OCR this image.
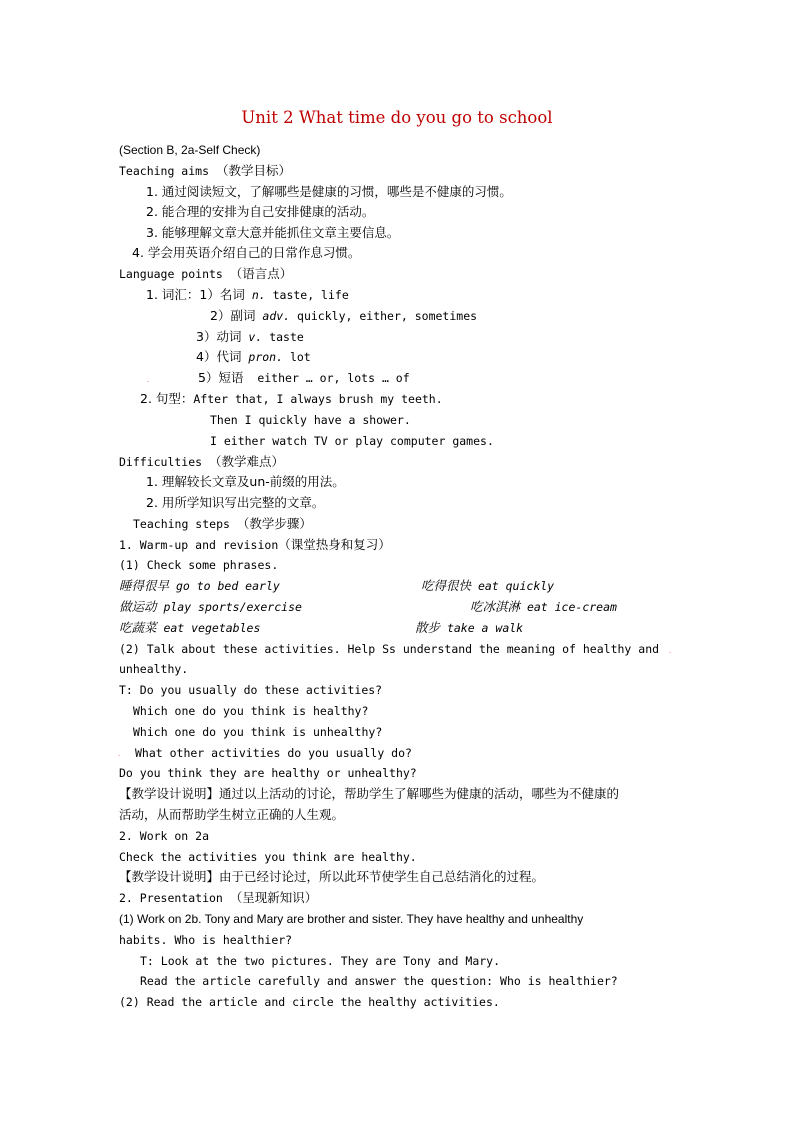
Unit 2 What time do you go to school
(Section B, 2a-Self Check)
Teaching aims （教学目标）
1. 通过阅读短文，了解哪些是健康的习惯，哪些是不健康的习惯。
2. 能合理的安排为自己安排健康的活动。
3. 能够理解文章大意并能抓住文章主要信息。
4. 学会用英语介绍自己的日常作息习惯。
Language points （语言点）
1. 词汇：1）名词 n. taste, life
2）副词 adv. quickly, either, sometimes
3）动词 v. taste
4）代词 pron. lot
.	5）短语  either … or, lots … of
2. 句型：After that, I always brush my teeth.
Then I quickly have a shower.
I either watch TV or play computer games.
Difficulties （教学难点）
1. 理解较长文章及un-前缀的用法。
2. 用所学知识写出完整的文章。
Teaching steps （教学步骤）
1. Warm-up and revision（课堂热身和复习）
(1) Check some phrases.
睡得很早 go to bed early	吃得很快 eat quickly
做运动 play sports/exercise	吃冰淇淋 eat ice-cream
吃蔬菜 eat vegetables	散步 take a walk
(2) Talk about these activities. Help Ss understand the meaning of healthy and .
unhealthy.
T: Do you usually do these activities?
Which one do you think is healthy?
Which one do you think is unhealthy?
. What other activities do you usually do?
Do you think they are healthy or unhealthy?
【教学设计说明】通过以上活动的讨论，帮助学生了解哪些为健康的活动，哪些为不健康的
活动，从而帮助学生树立正确的人生观。
2. Work on 2a
Check the activities you think are healthy.
【教学设计说明】由于已经讨论过，所以此环节使学生自己总结消化的过程。
2. Presentation （呈现新知识）
(1) Work on 2b. Tony and Mary are brother and sister. They have healthy and unhealthy
habits. Who is healthier?
T: Look at the two pictures. They are Tony and Mary.
Read the article carefully and answer the question: Who is healthier?
(2) Read the article and circle the healthy activities.
